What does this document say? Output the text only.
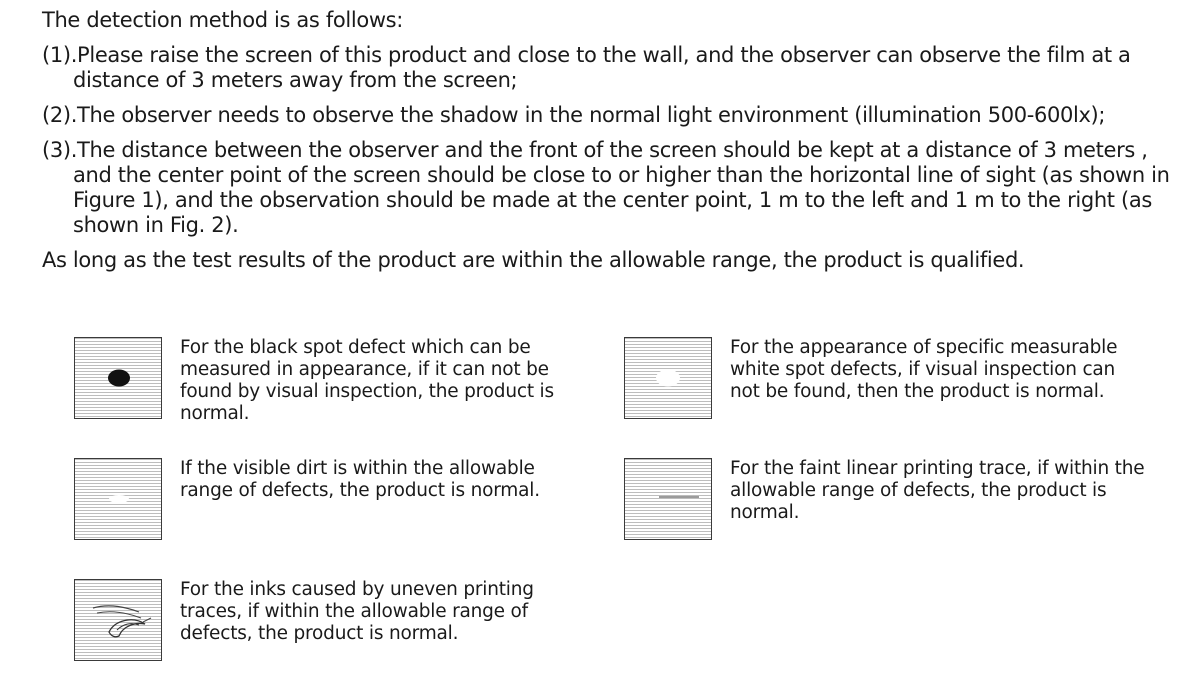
The detection method is as follows:
(1).Please raise the screen of this product and close to the wall, and the observer can observe the film at a
distance of 3 meters away from the screen;
(2).The observer needs to observe the shadow in the normal light environment (illumination 500-600lx);
(3).The distance between the observer and the front of the screen should be kept at a distance of 3 meters ,
and the center point of the screen should be close to or higher than the horizontal line of sight (as shown in Figure 1), and the observation should be made at the center point, 1 m to the left and 1 m to the right (as shown in Fig. 2).
As long as the test results of the product are within the allowable range, the product is qualified.
For the black spot defect which can be measured in appearance, if it can not be found by visual inspection, the product is normal.
For the appearance of specific measurable white spot defects, if visual inspection can not be found, then the product is normal.
If the visible dirt is within the allowable range of defects, the product is normal.
For the faint linear printing trace, if within the allowable range of defects, the product is normal.
For the inks caused by uneven printing traces, if within the allowable range of defects, the product is normal.
